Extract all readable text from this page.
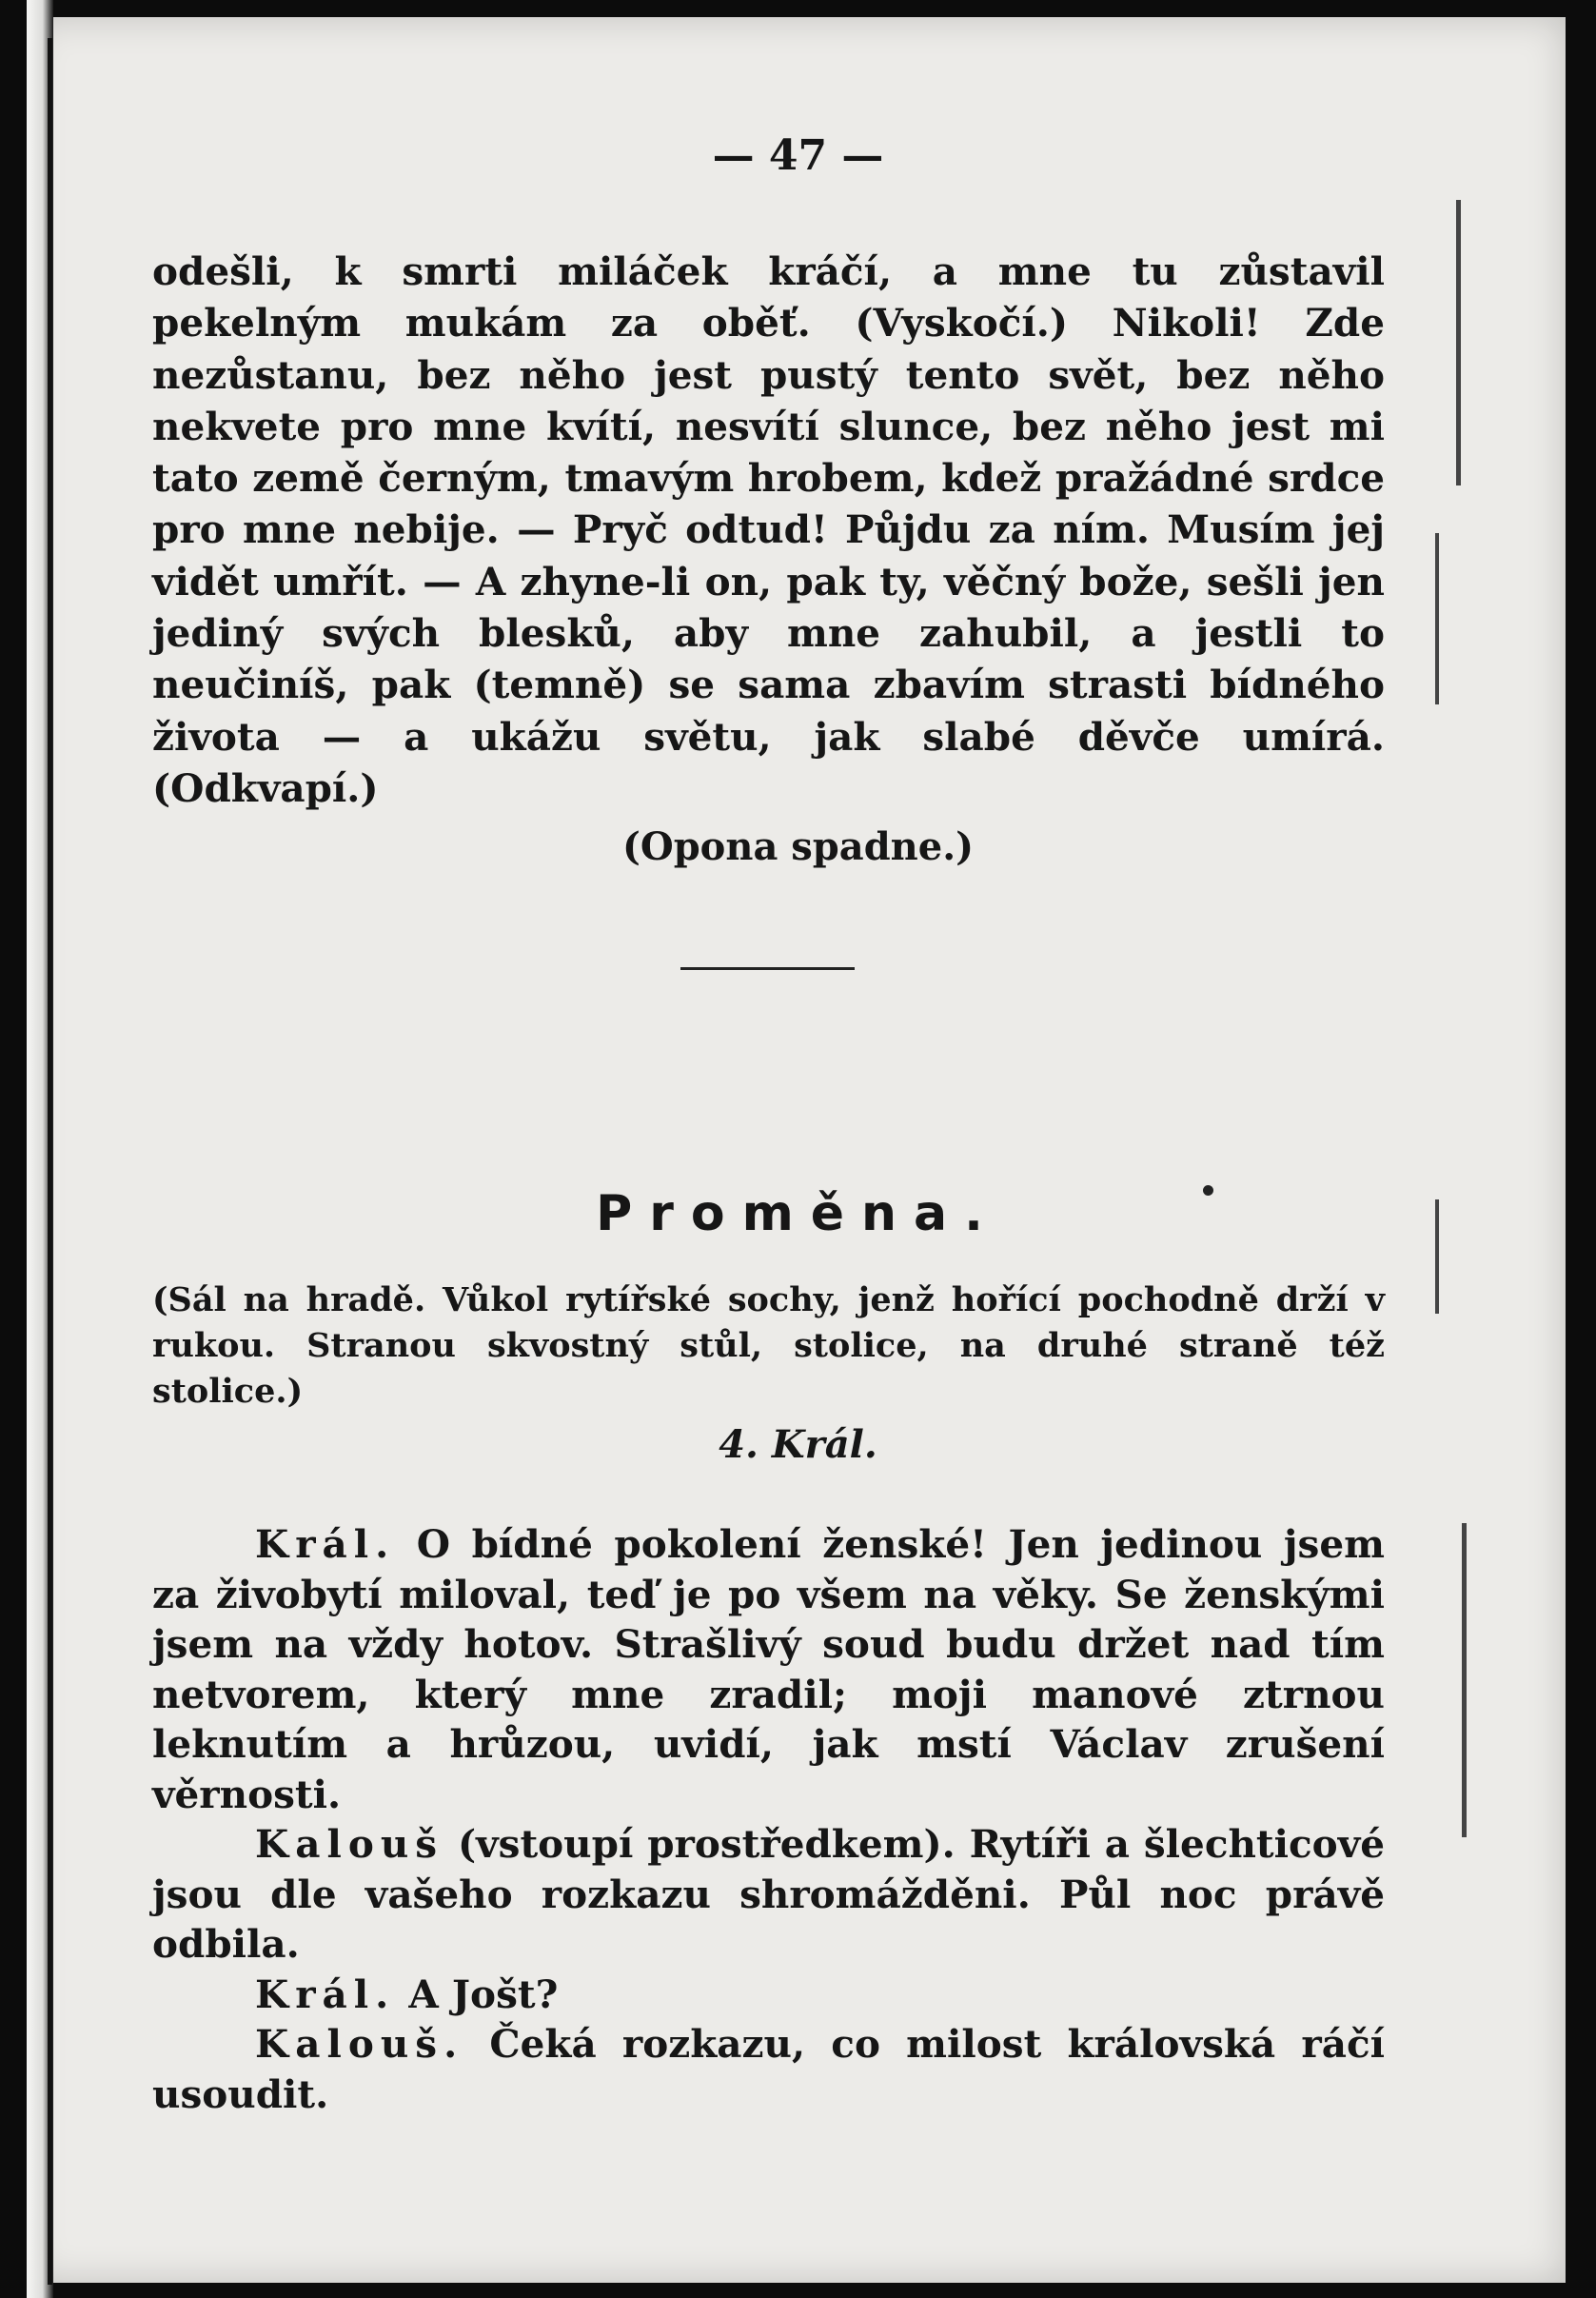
— 47 —

odešli, k smrti miláček kráčí, a mne tu zůstavil pekelným mukám za oběť. (Vyskočí.) Nikoli! Zde nezůstanu, bez něho jest pustý tento svět, bez něho nekvete pro mne kvítí, nesvítí slunce, bez něho jest mi tato země černým, tmavým hrobem, kdež pražádné srdce pro mne nebije. — Pryč odtud! Půjdu za ním. Musím jej vidět umřít. — A zhyne-li on, pak ty, věčný bože, sešli jen jediný svých blesků, aby mne zahubil, a jestli to neučiníš, pak (temně) se sama zbavím strasti bídného života — a ukážu světu, jak slabé děvče umírá. (Odkvapí.)

(Opona spadne.)

Proměna.

(Sál na hradě. Vůkol rytířské sochy, jenž hořící pochodně drží v rukou. Stranou skvostný stůl, stolice, na druhé straně též stolice.)

4. Král.

Král. O bídné pokolení ženské! Jen jedinou jsem za živobytí miloval, teď je po všem na věky. Se ženskými jsem na vždy hotov. Strašlivý soud budu držet nad tím netvorem, který mne zradil; moji manové ztrnou leknutím a hrůzou, uvidí, jak mstí Václav zrušení věrnosti.

Kalouš (vstoupí prostředkem). Rytíři a šlechticové jsou dle vašeho rozkazu shromážděni. Půl noc právě odbila.

Král. A Jošt?

Kalouš. Čeká rozkazu, co milost královská ráčí usoudit.
